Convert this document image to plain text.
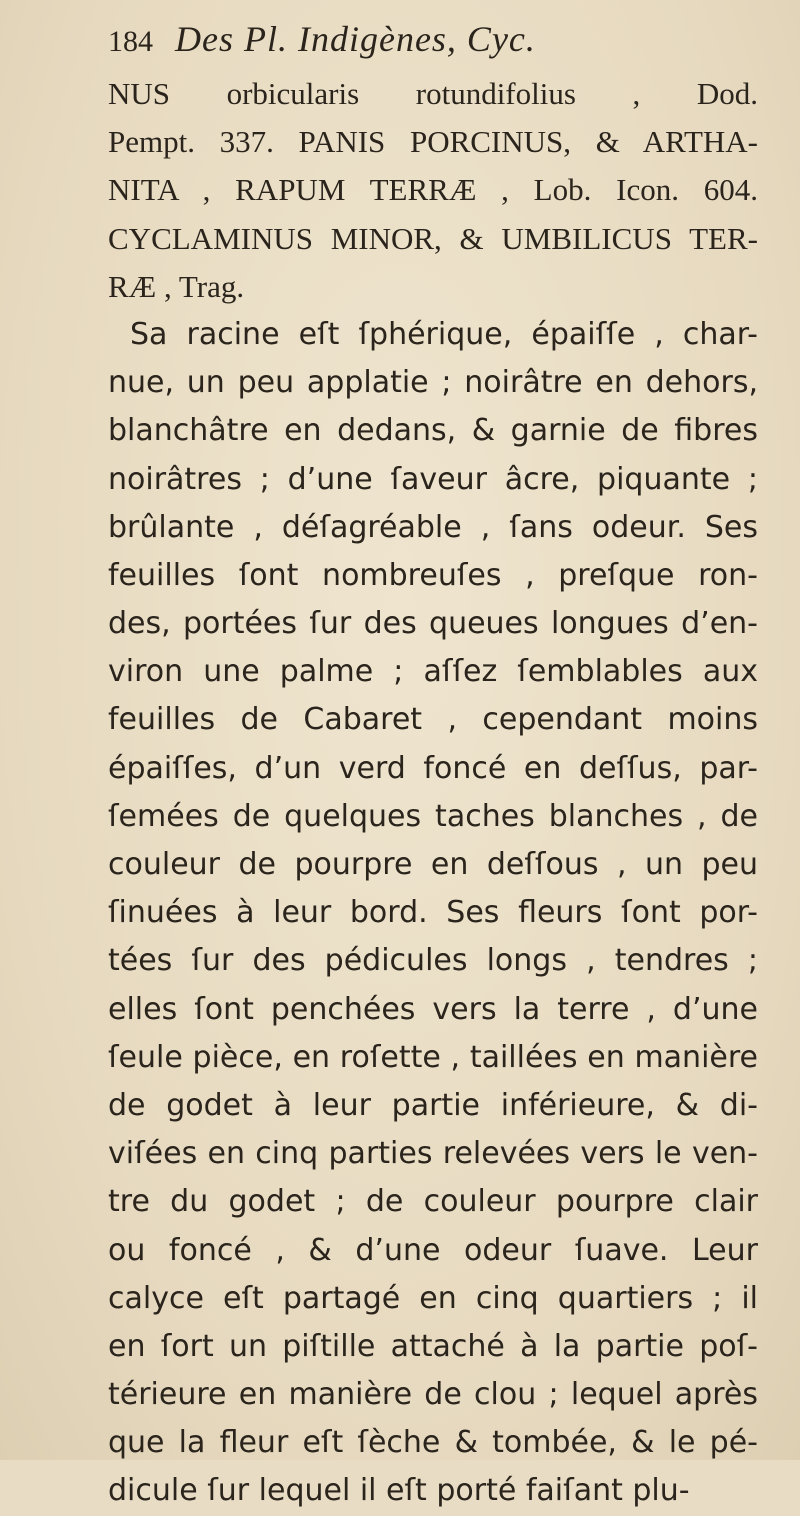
184 Des Pl. Indigènes, Cyc.
NUS orbicularis rotundifolius , Dod.
Pempt. 337. PANIS PORCINUS, & ARTHA-
NITA , RAPUM TERRÆ , Lob. Icon. 604.
CYCLAMINUS MINOR, & UMBILICUS TER-
RÆ , Trag.
Sa racine eſt ſphérique, épaiſſe , char-
nue, un peu applatie ; noirâtre en dehors,
blanchâtre en dedans, & garnie de fibres
noirâtres ; d’une ſaveur âcre, piquante ;
brûlante , déſagréable , ſans odeur. Ses
feuilles ſont nombreuſes , preſque ron-
des, portées ſur des queues longues d’en-
viron une palme ; aſſez ſemblables aux
feuilles de Cabaret , cependant moins
épaiſſes, d’un verd foncé en deſſus, par-
ſemées de quelques taches blanches , de
couleur de pourpre en deſſous , un peu
ſinuées à leur bord. Ses fleurs ſont por-
tées ſur des pédicules longs , tendres ;
elles ſont penchées vers la terre , d’une
ſeule pièce, en roſette , taillées en manière
de godet à leur partie inférieure, & di-
viſées en cinq parties relevées vers le ven-
tre du godet ; de couleur pourpre clair
ou foncé , & d’une odeur ſuave. Leur
calyce eſt partagé en cinq quartiers ; il
en ſort un piſtille attaché à la partie poſ-
térieure en manière de clou ; lequel après
que la fleur eſt ſèche & tombée, & le pé-
dicule ſur lequel il eſt porté faiſant plu-
